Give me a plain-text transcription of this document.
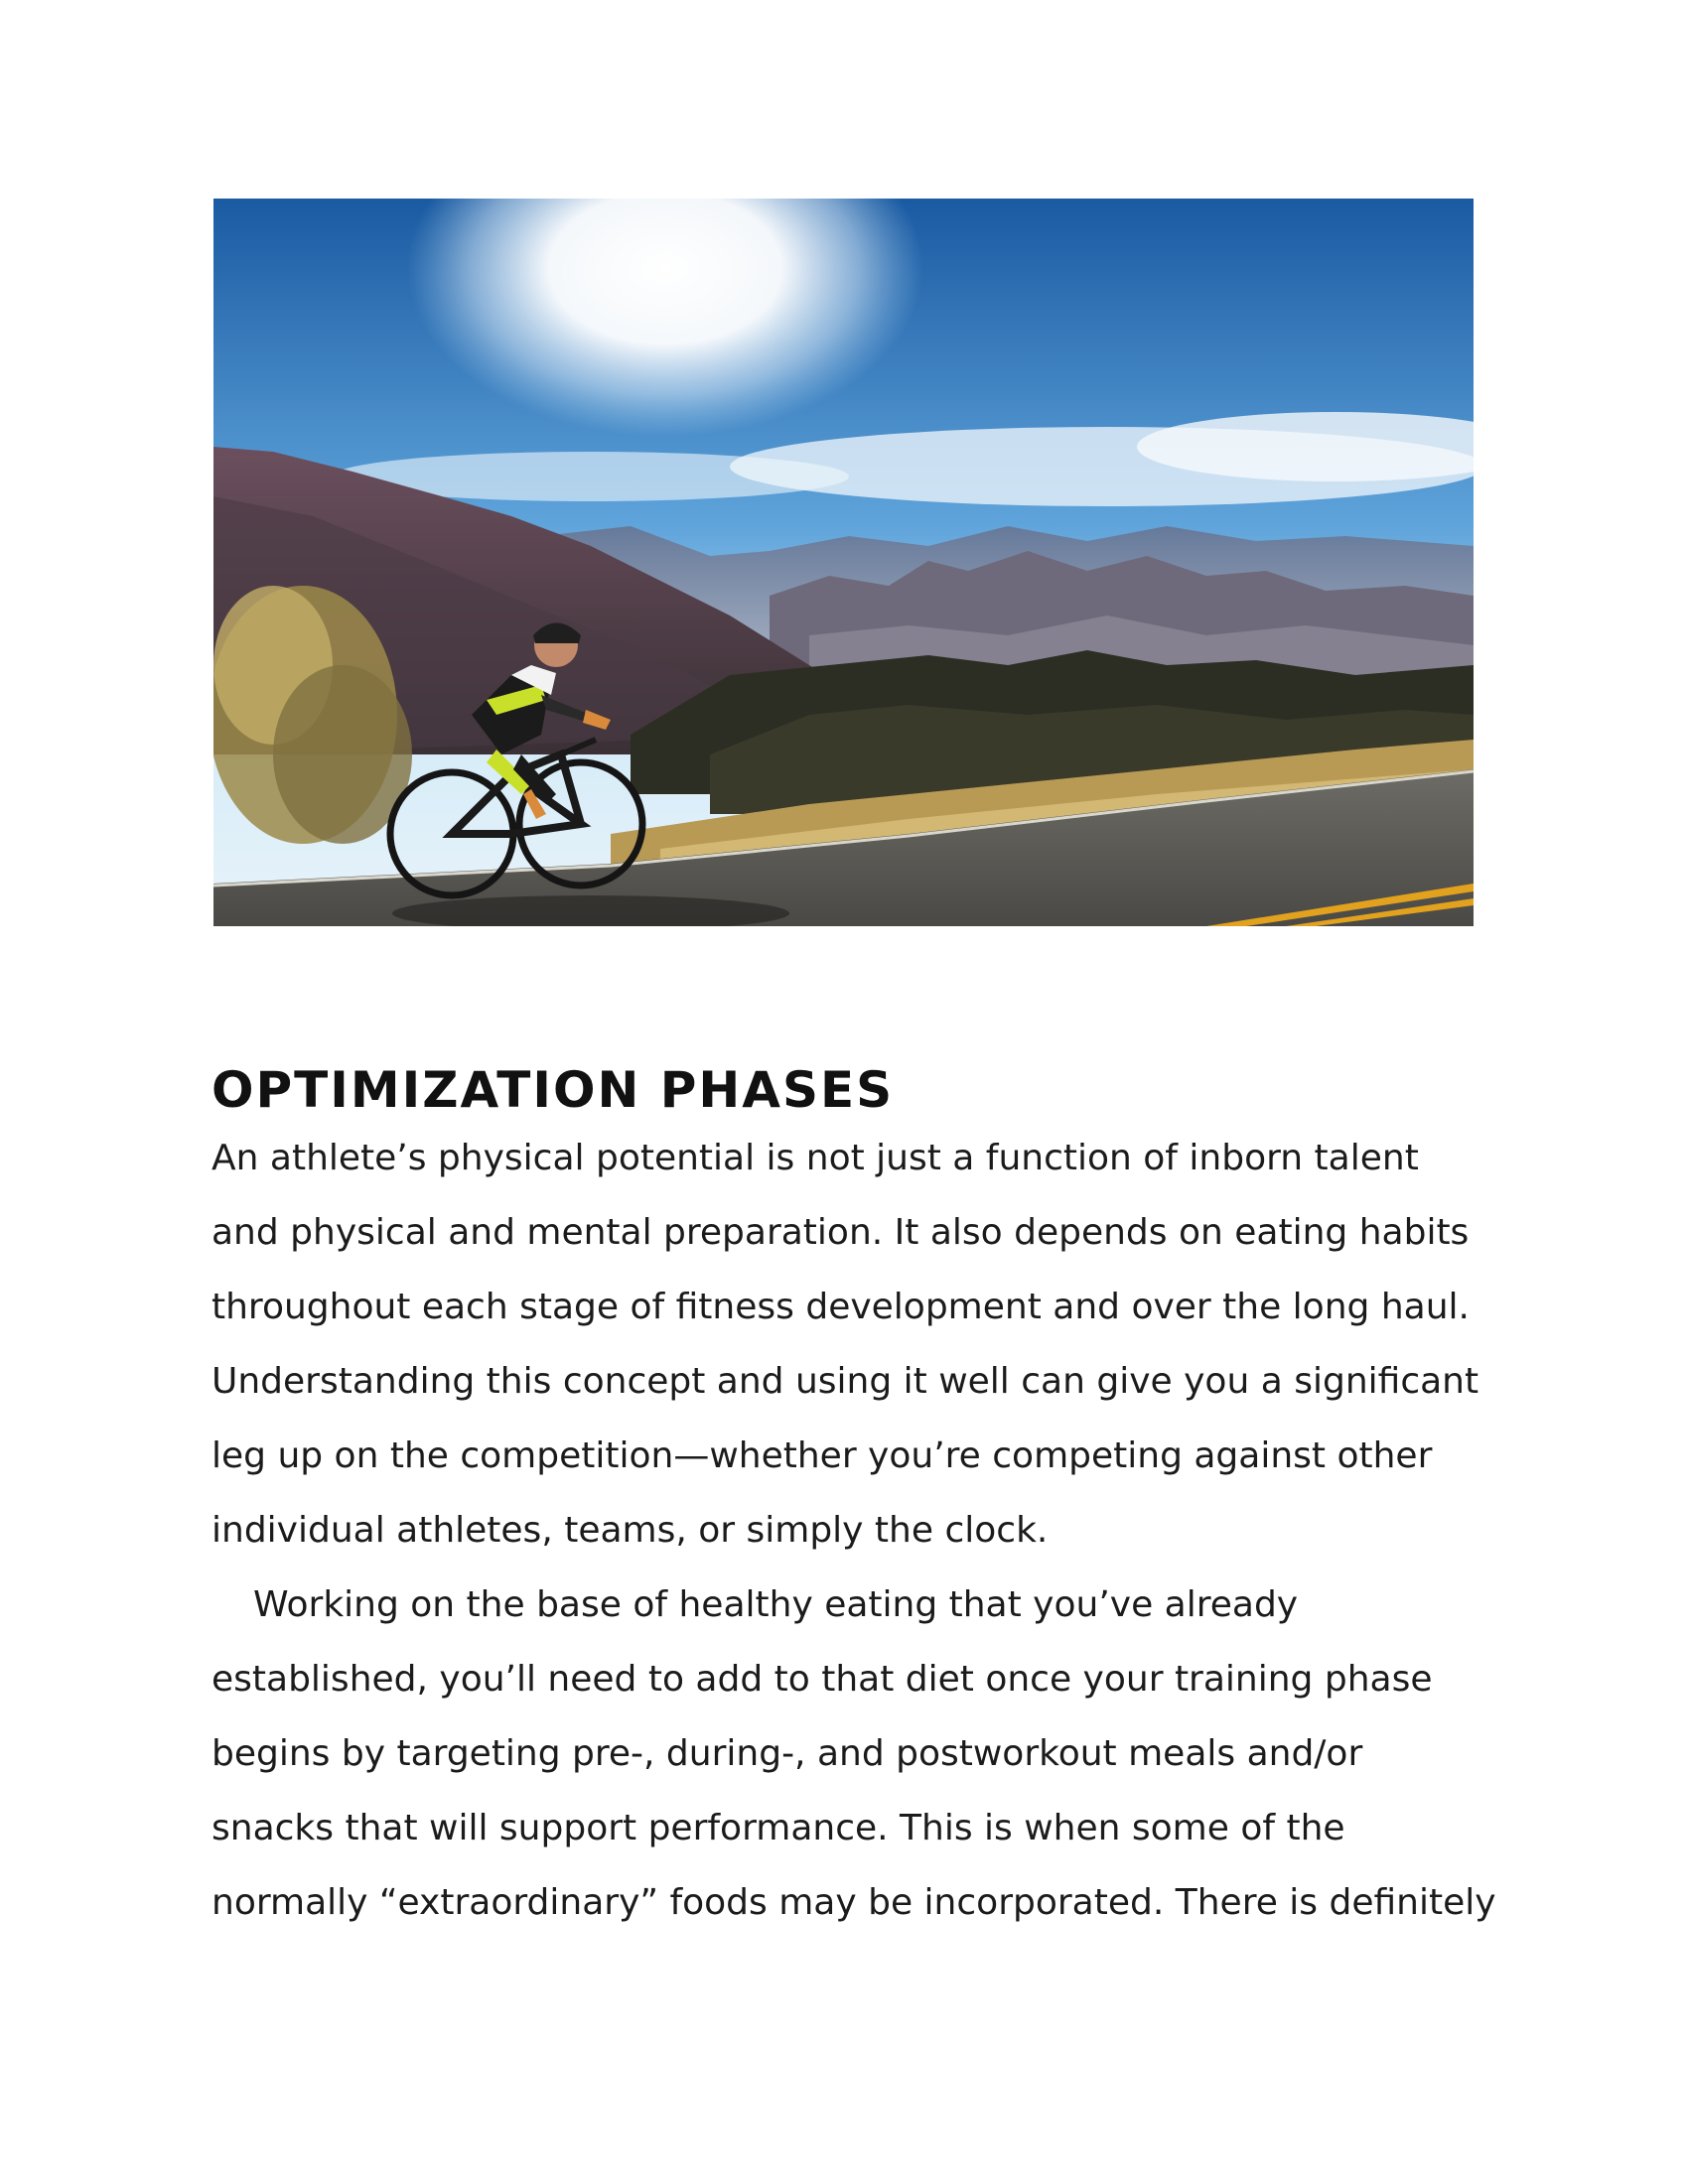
OPTIMIZATION PHASES
An athlete’s physical potential is not just a function of inborn talent
and physical and mental preparation. It also depends on eating habits
throughout each stage of fitness development and over the long haul.
Understanding this concept and using it well can give you a significant
leg up on the competition—whether you’re competing against other
individual athletes, teams, or simply the clock.
Working on the base of healthy eating that you’ve already
established, you’ll need to add to that diet once your training phase
begins by targeting pre-, during-, and postworkout meals and/or
snacks that will support performance. This is when some of the
normally “extraordinary” foods may be incorporated. There is definitely
